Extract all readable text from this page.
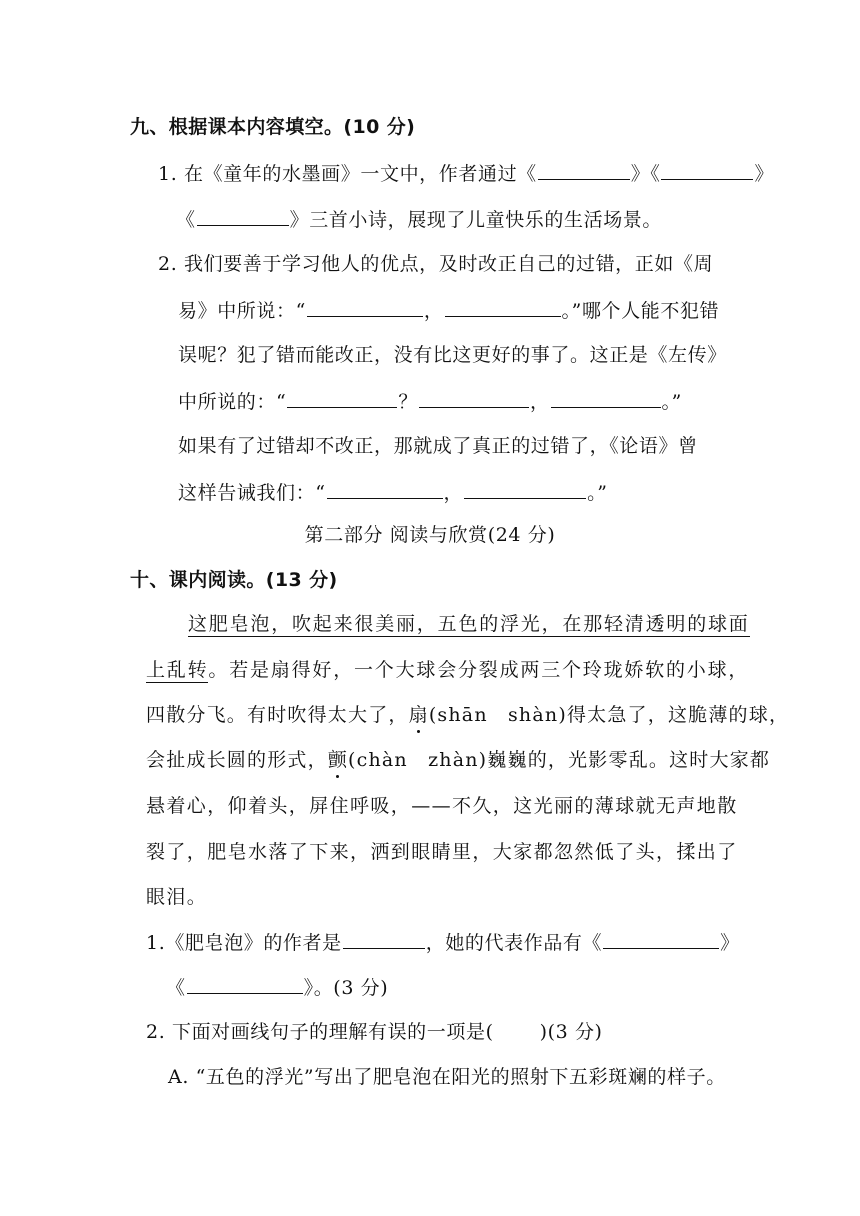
九、根据课本内容填空。(10 分)
1. 在《童年的水墨画》一文中，作者通过《	》《	》
《	》三首小诗，展现了儿童快乐的生活场景。
2. 我们要善于学习他人的优点，及时改正自己的过错，正如《周
易》中所说：“	，	。”哪个人能不犯错
误呢？犯了错而能改正，没有比这更好的事了。这正是《左传》
中所说的：“	？	，	。”
如果有了过错却不改正，那就成了真正的过错了，《论语》曾
这样告诫我们：“	，	。”
第二部分 阅读与欣赏(24 分)
十、课内阅读。(13 分)
这肥皂泡，吹起来很美丽，五色的浮光，在那轻清透明的球面
上乱转。若是扇得好，一个大球会分裂成两三个玲珑娇软的小球，
四散分飞。有时吹得太大了，扇(shān　shàn)得太急了，这脆薄的球，
会扯成长圆的形式，颤(chàn　zhàn)巍巍的，光影零乱。这时大家都
悬着心，仰着头，屏住呼吸，——不久，这光丽的薄球就无声地散
裂了，肥皂水落了下来，洒到眼睛里，大家都忽然低了头，揉出了
眼泪。
1.《肥皂泡》的作者是	，她的代表作品有《	》
《	》。(3 分)
2. 下面对画线句子的理解有误的一项是( )(3 分)
A. “五色的浮光”写出了肥皂泡在阳光的照射下五彩斑斓的样子。
